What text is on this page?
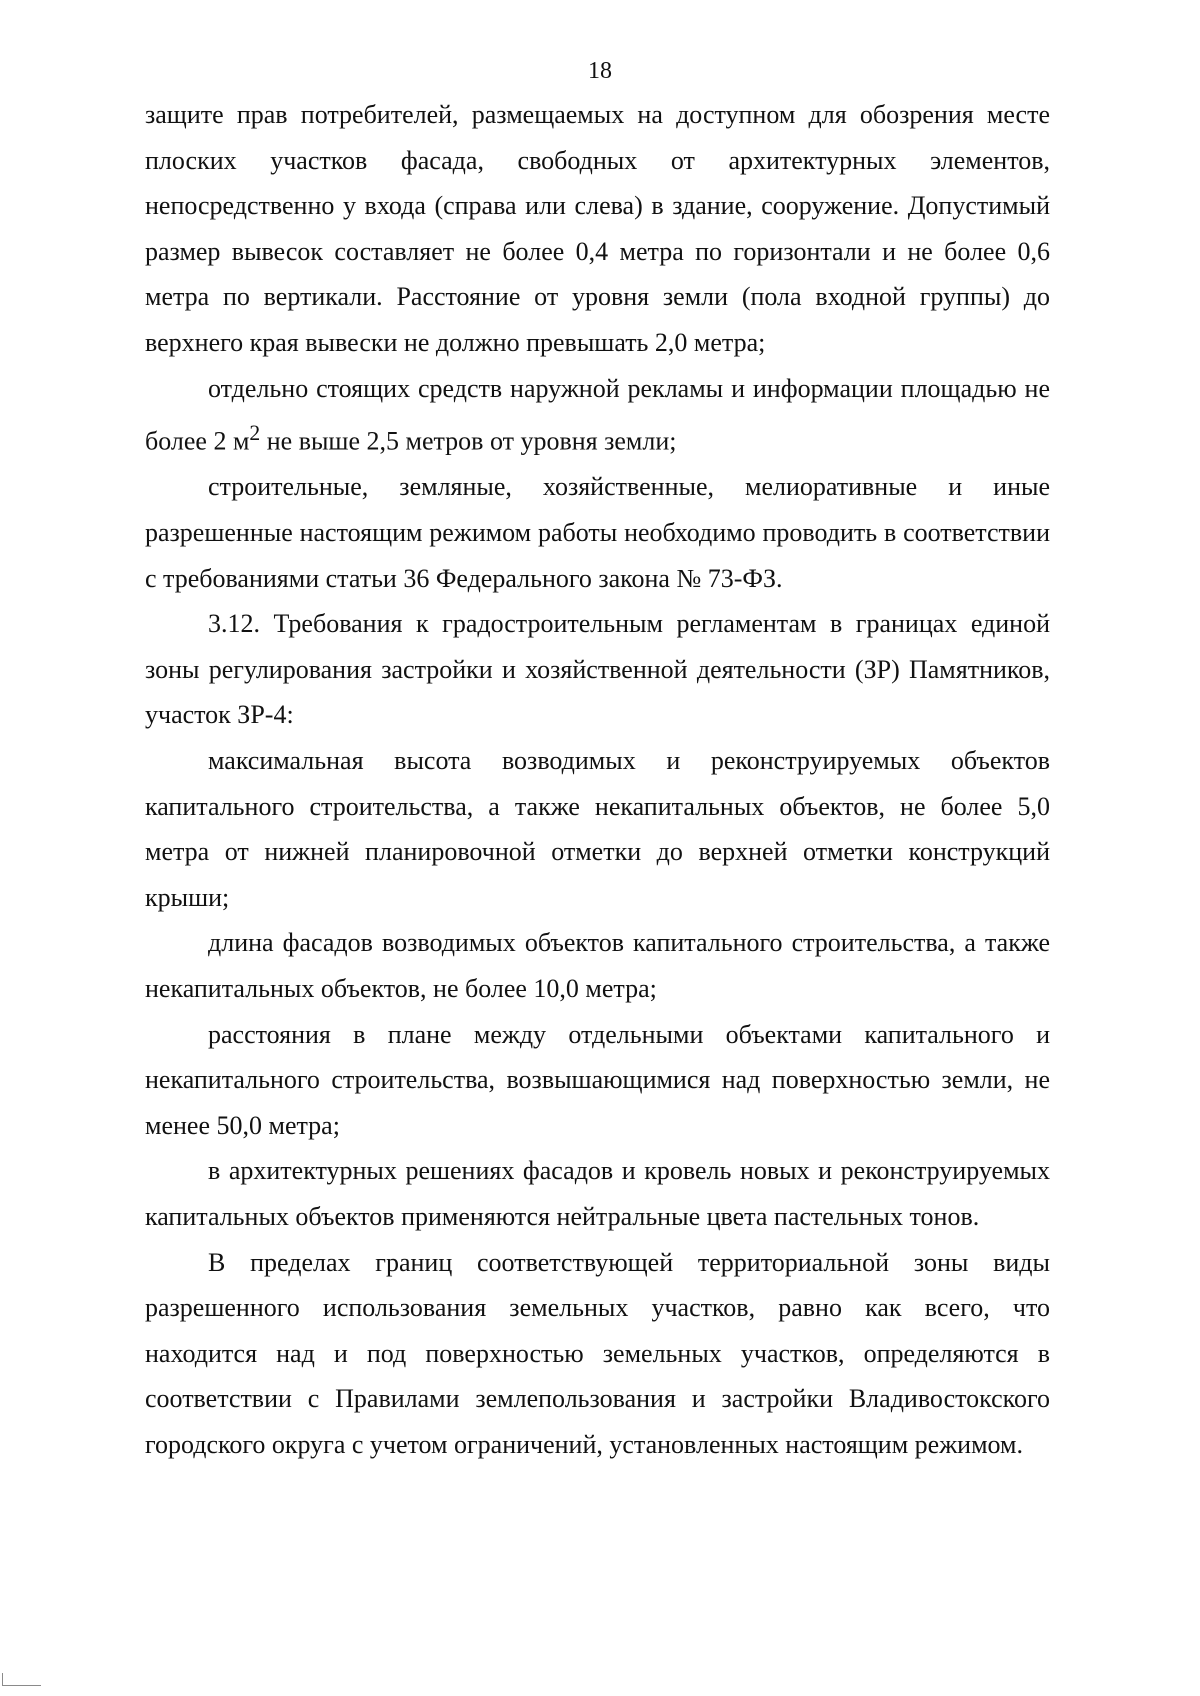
18

защите прав потребителей, размещаемых на доступном для обозрения месте плоских участков фасада, свободных от архитектурных элементов, непосредственно у входа (справа или слева) в здание, сооружение. Допустимый размер вывесок составляет не более 0,4 метра по горизонтали и не более 0,6 метра по вертикали. Расстояние от уровня земли (пола входной группы) до верхнего края вывески не должно превышать 2,0 метра;

отдельно стоящих средств наружной рекламы и информации площадью не более 2 $м^2$ не выше 2,5 метров от уровня земли;

строительные, земляные, хозяйственные, мелиоративные и иные разрешенные настоящим режимом работы необходимо проводить в соответствии с требованиями статьи 36 Федерального закона № 73-ФЗ.

3.12. Требования к градостроительным регламентам в границах единой зоны регулирования застройки и хозяйственной деятельности (ЗР) Памятников, участок ЗР-4:

максимальная высота возводимых и реконструируемых объектов капитального строительства, а также некапитальных объектов, не более 5,0 метра от нижней планировочной отметки до верхней отметки конструкций крыши;

длина фасадов возводимых объектов капитального строительства, а также некапитальных объектов, не более 10,0 метра;

расстояния в плане между отдельными объектами капитального и некапитального строительства, возвышающимися над поверхностью земли, не менее 50,0 метра;

в архитектурных решениях фасадов и кровель новых и реконструируемых капитальных объектов применяются нейтральные цвета пастельных тонов.

В пределах границ соответствующей территориальной зоны виды разрешенного использования земельных участков, равно как всего, что находится над и под поверхностью земельных участков, определяются в соответствии с Правилами землепользования и застройки Владивостокского городского округа с учетом ограничений, установленных настоящим режимом.
